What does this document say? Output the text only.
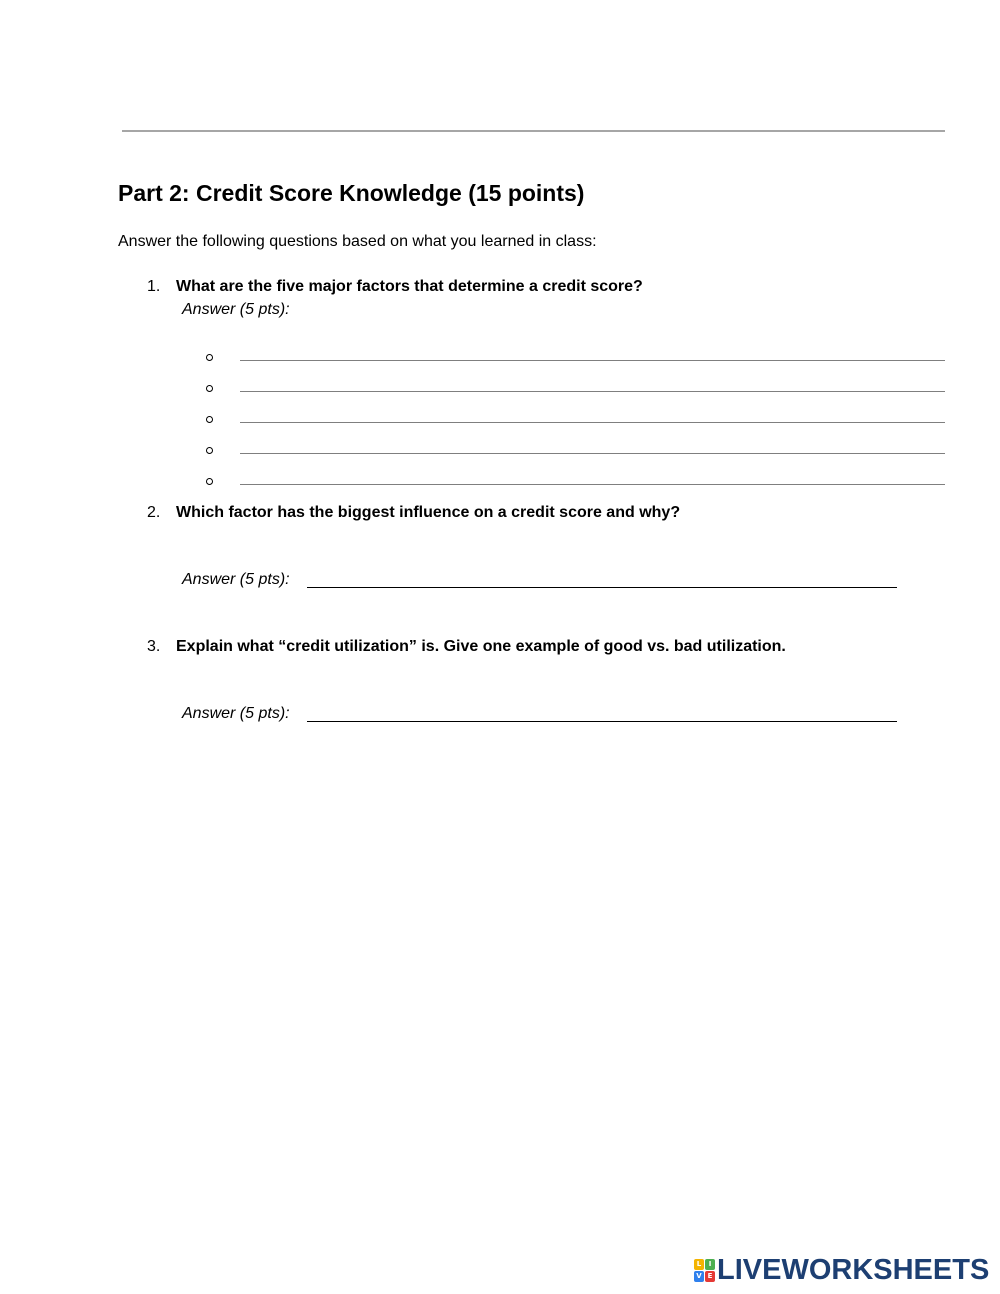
Part 2: Credit Score Knowledge (15 points)
Answer the following questions based on what you learned in class:
1. What are the five major factors that determine a credit score?
Answer (5 pts):
2. Which factor has the biggest influence on a credit score and why?
Answer (5 pts):
3. Explain what “credit utilization” is. Give one example of good vs. bad utilization.
Answer (5 pts):
L	I
V E LIVEWORKSHEETS
